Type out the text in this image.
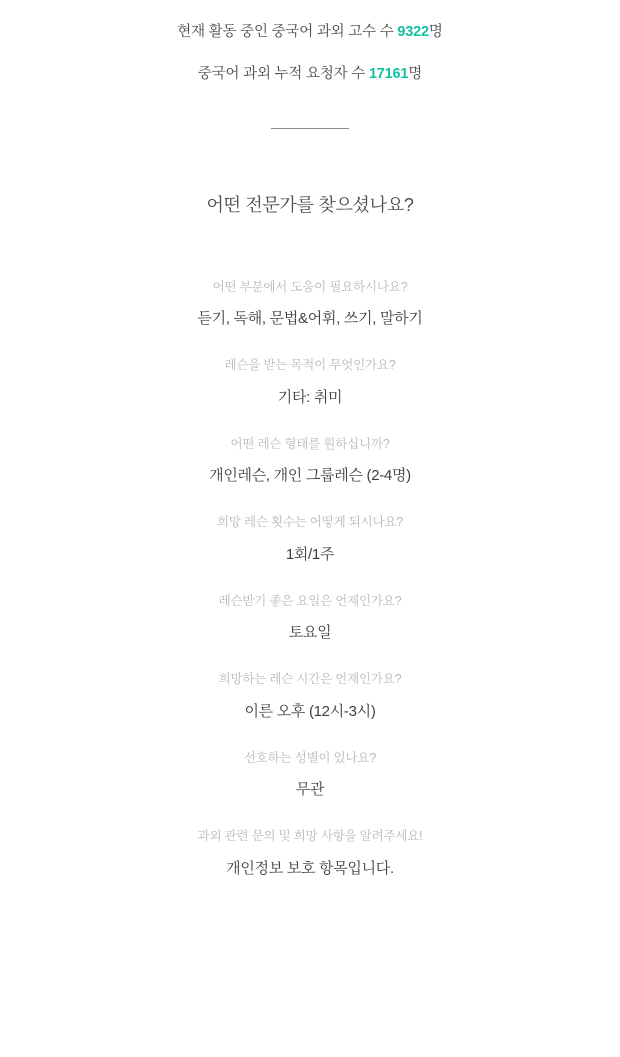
현재 활동 중인 중국어 과외 고수 수 9322명
중국어 과외 누적 요청자 수 17161명
어떤 전문가를 찾으셨나요?
어떤 부분에서 도움이 필요하시나요?
듣기, 독해, 문법&어휘, 쓰기, 말하기
레슨을 받는 목적이 무엇인가요?
기타: 취미
어떤 레슨 형태를 원하십니까?
개인레슨, 개인 그룹레슨 (2-4명)
희망 레슨 횟수는 어떻게 되시나요?
1회/1주
레슨받기 좋은 요일은 언제인가요?
토요일
희망하는 레슨 시간은 언제인가요?
이른 오후 (12시-3시)
선호하는 성별이 있나요?
무관
과외 관련 문의 및 희망 사항을 알려주세요!
개인정보 보호 항목입니다.
